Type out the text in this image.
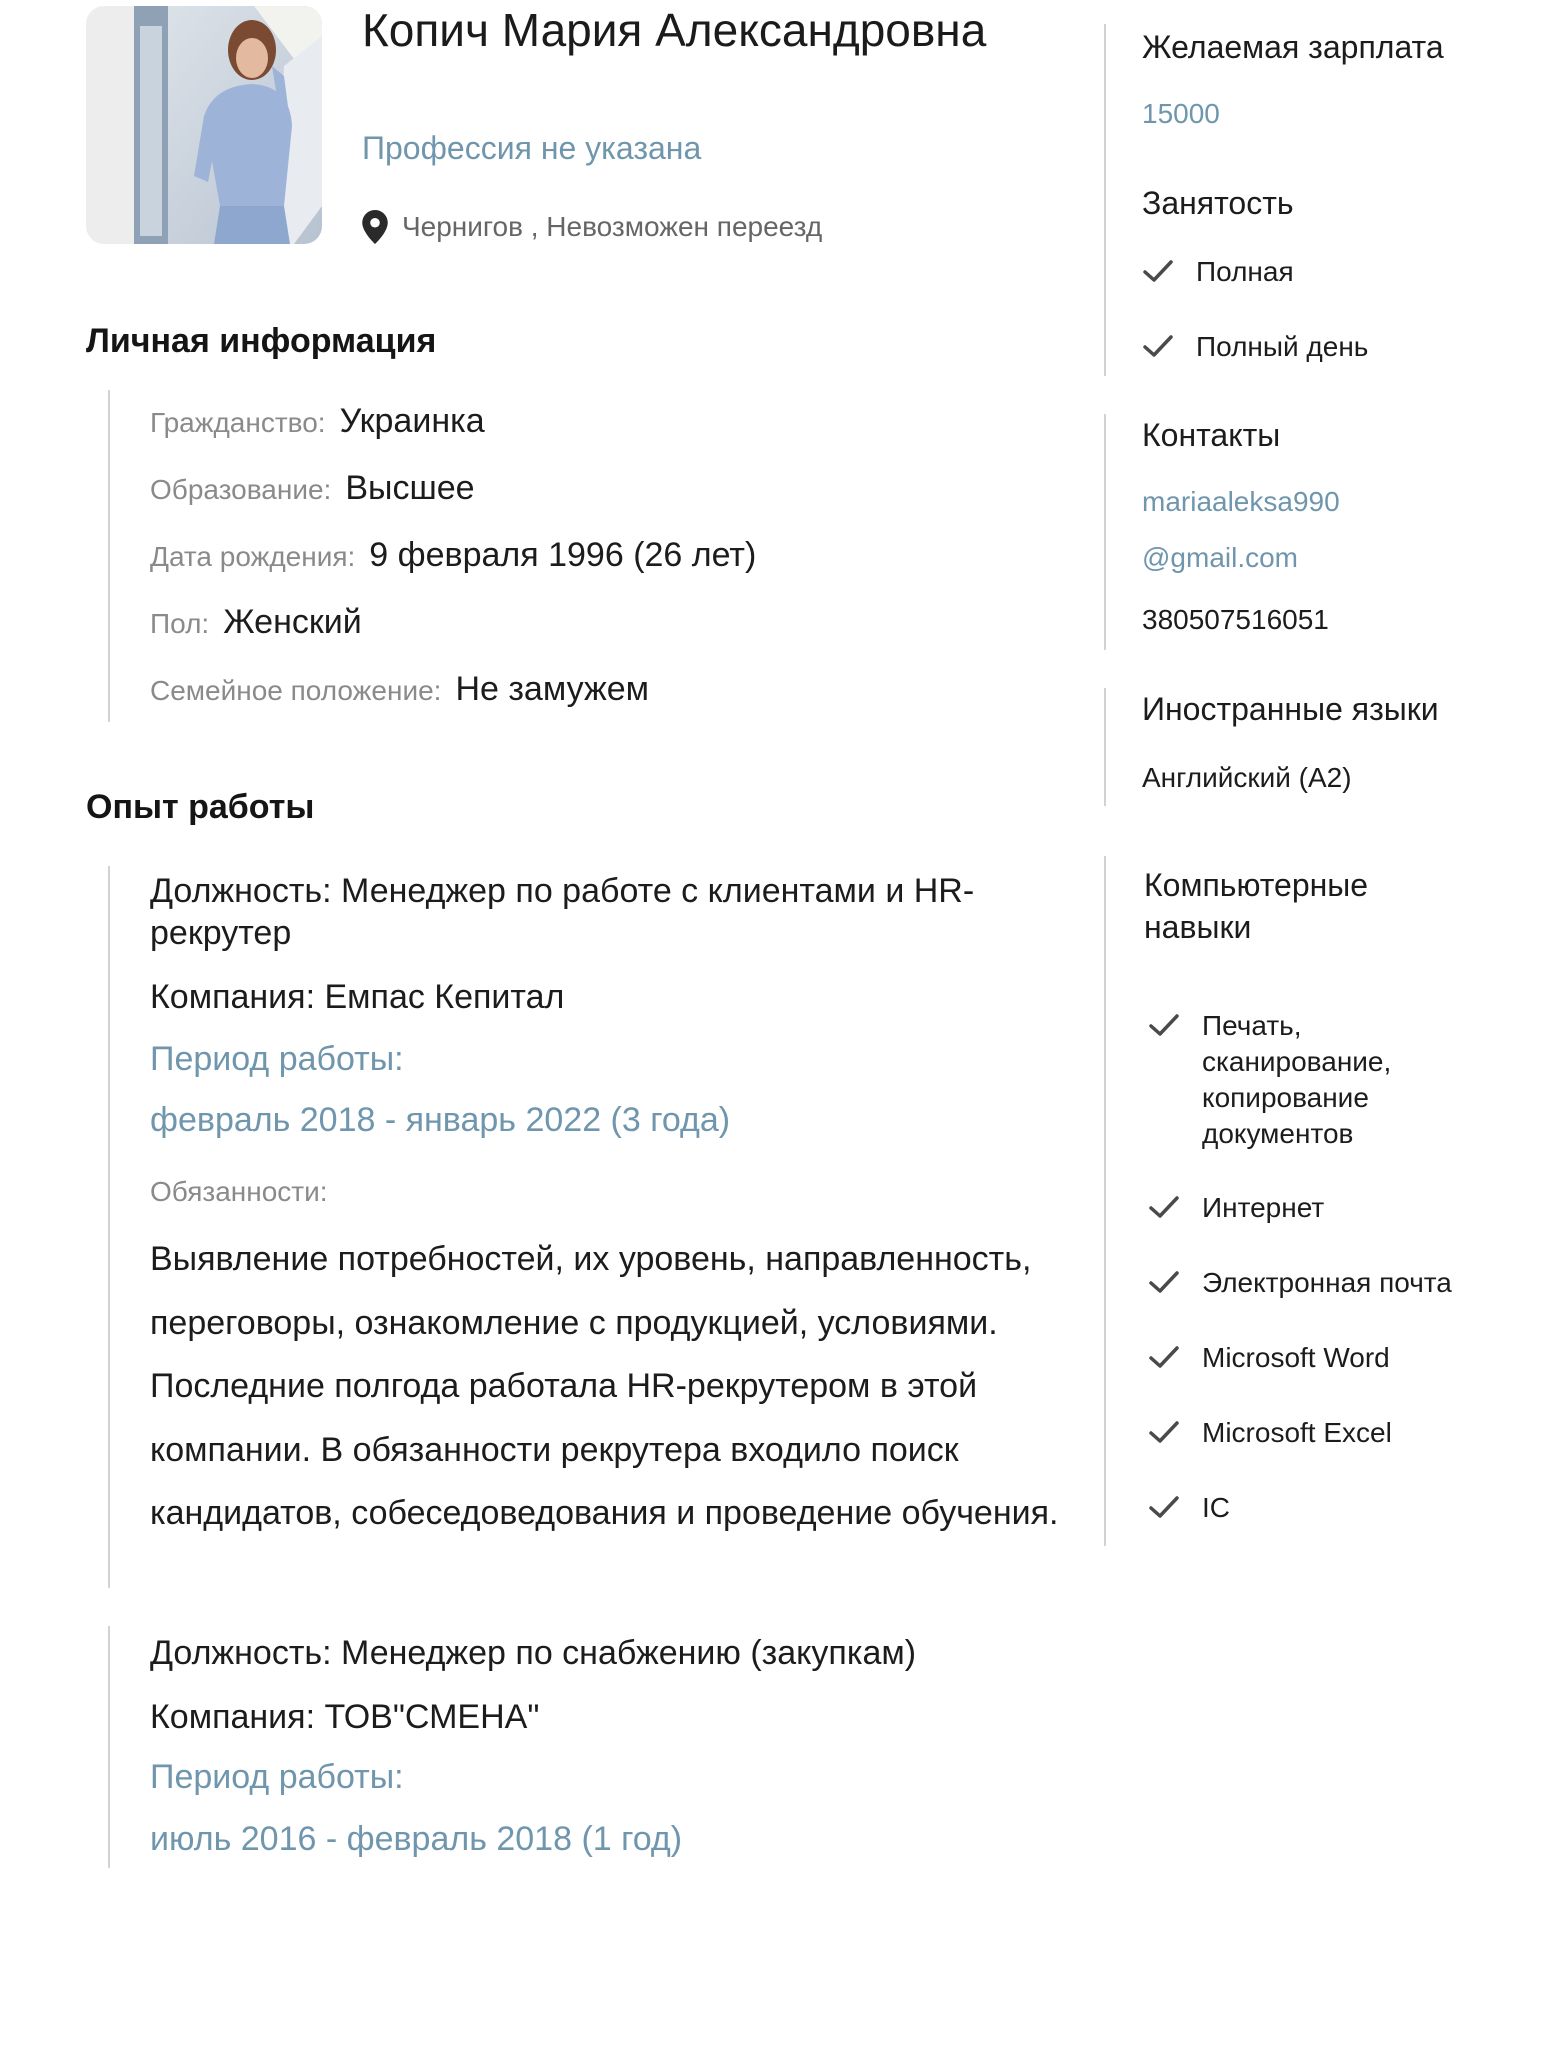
Копич Мария Александровна
Профессия не указана
Чернигов , Невозможен переезд
Личная информация
Гражданство: Украинка
Образование: Высшее
Дата рождения: 9 февраля 1996 (26 лет)
Пол: Женский
Семейное положение: Не замужем
Опыт работы
Должность: Менеджер по работе с клиентами и HR-рекрутер
Компания: Емпас Кепитал
Период работы:
февраль 2018 - январь 2022 (3 года)
Обязанности:
Выявление потребностей, их уровень, направленность, переговоры, ознакомление с продукцией, условиями. Последние полгода работала HR-рекрутером в этой компании. В обязанности рекрутера входило поиск кандидатов, собеседоведования и проведение обучения.
Должность: Менеджер по снабжению (закупкам)
Компания: ТОВ"СМЕНА"
Период работы:
июль 2016 - февраль 2018 (1 год)
Желаемая зарплата
15000
Занятость
Полная
Полный день
Контакты
mariaaleksa990
@gmail.com
380507516051
Иностранные языки
Английский (A2)
Компьютерные навыки
Печать, сканирование, копирование документов
Интернет
Электронная почта
Microsoft Word
Microsoft Excel
IC
